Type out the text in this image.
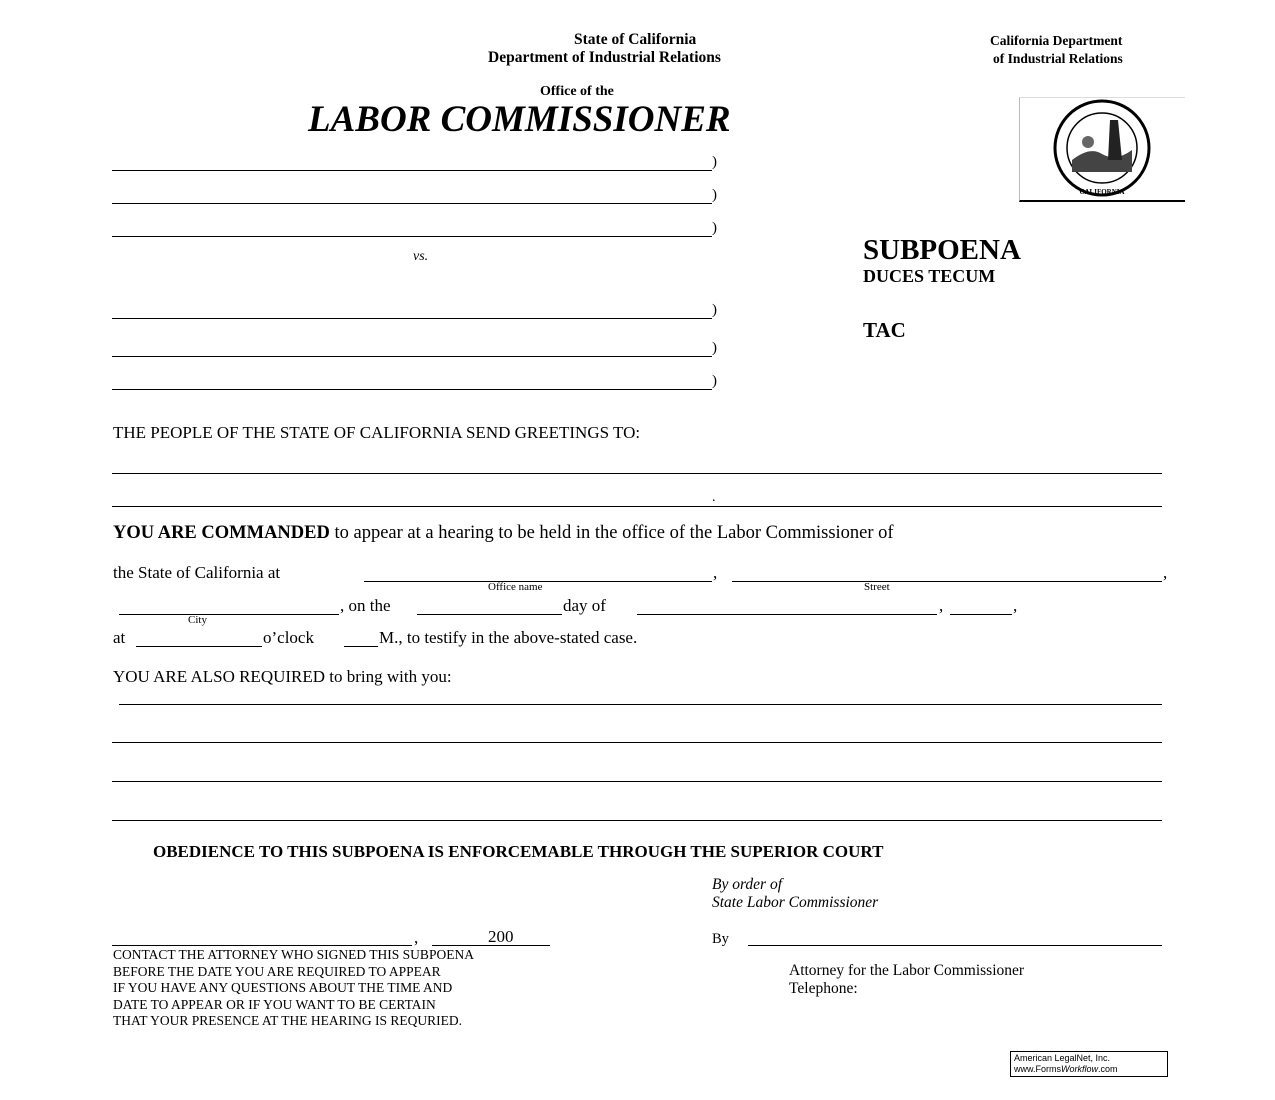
State of California
Department of Industrial Relations
Office of the
LABOR COMMISSIONER
California Department
of Industrial Relations
CALIFORNIA
)
)
)
vs.
)
)
)
SUBPOENA
DUCES TECUM
TAC
THE PEOPLE OF THE STATE OF CALIFORNIA SEND GREETINGS TO:
.
YOU ARE COMMANDED to appear at a hearing to be held in the office of the Labor Commissioner of
the State of California at	,	,
Office name	Street
, on the	day of	,	,
City
at	o’clock	M., to testify in the above-stated case.
YOU ARE ALSO REQUIRED to bring with you:
OBEDIENCE TO THIS SUBPOENA IS ENFORCEMABLE THROUGH THE SUPERIOR COURT
By order of
State Labor Commissioner
,	200	By
CONTACT THE ATTORNEY WHO SIGNED THIS SUBPOENA
BEFORE THE DATE YOU ARE REQUIRED TO APPEAR
IF YOU HAVE ANY QUESTIONS ABOUT THE TIME AND
DATE TO APPEAR OR IF YOU WANT TO BE CERTAIN
THAT YOUR PRESENCE AT THE HEARING IS REQURIED.
Attorney for the Labor Commissioner
Telephone:
American LegalNet, Inc.
www.FormsWorkflow.com
